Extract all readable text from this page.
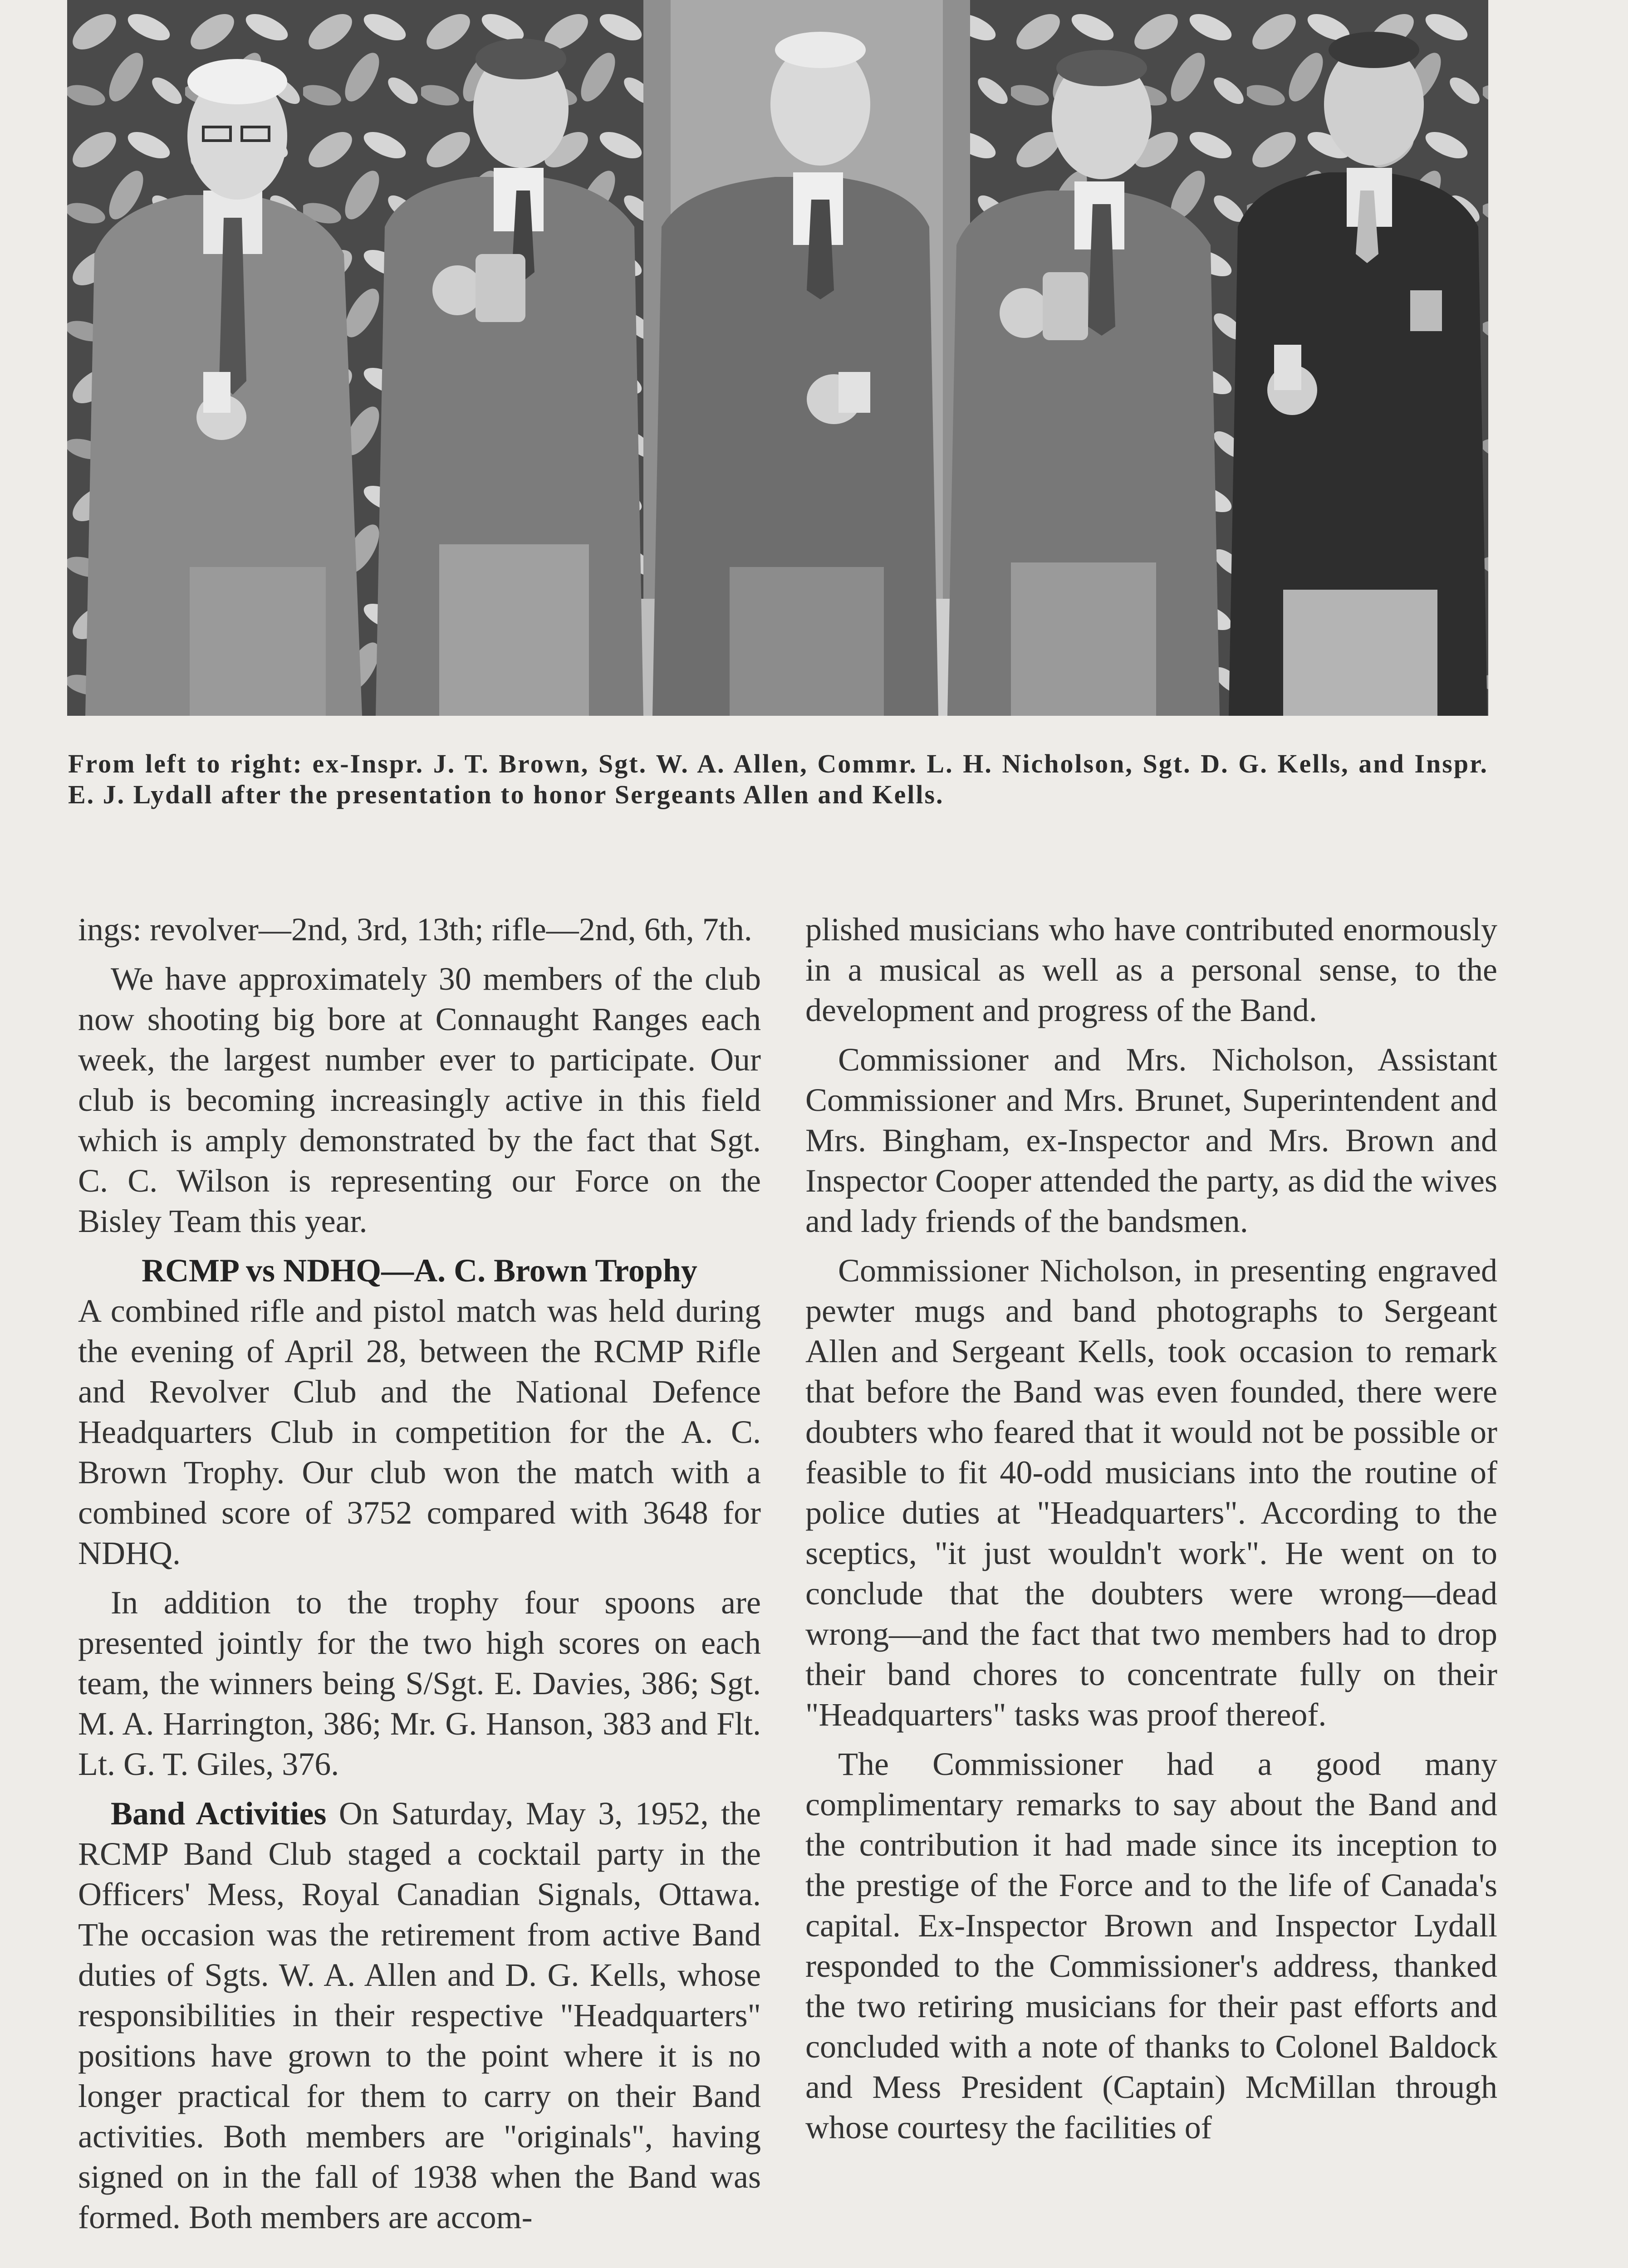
From left to right: ex-Inspr. J. T. Brown, Sgt. W. A. Allen, Commr. L. H. Nicholson, Sgt. D. G. Kells, and Inspr. E. J. Lydall after the presentation to honor Sergeants Allen and Kells.

ings: revolver—2nd, 3rd, 13th; rifle—2nd, 6th, 7th.

We have approximately 30 members of the club now shooting big bore at Connaught Ranges each week, the largest number ever to participate. Our club is becoming increasingly active in this field which is amply demonstrated by the fact that Sgt. C. C. Wilson is representing our Force on the Bisley Team this year.

RCMP vs NDHQ—A. C. Brown Trophy

A combined rifle and pistol match was held during the evening of April 28, between the RCMP Rifle and Revolver Club and the National Defence Headquarters Club in competition for the A. C. Brown Trophy. Our club won the match with a combined score of 3752 compared with 3648 for NDHQ.

In addition to the trophy four spoons are presented jointly for the two high scores on each team, the winners being S/Sgt. E. Davies, 386; Sgt. M. A. Harrington, 386; Mr. G. Hanson, 383 and Flt. Lt. G. T. Giles, 376.

Band Activities On Saturday, May 3, 1952, the RCMP Band Club staged a cocktail party in the Officers' Mess, Royal Canadian Signals, Ottawa. The occasion was the retirement from active Band duties of Sgts. W. A. Allen and D. G. Kells, whose responsibilities in their respective "Headquarters" positions have grown to the point where it is no longer practical for them to carry on their Band activities. Both members are "originals", having signed on in the fall of 1938 when the Band was formed. Both members are accom-

plished musicians who have contributed enormously in a musical as well as a personal sense, to the development and progress of the Band.

Commissioner and Mrs. Nicholson, Assistant Commissioner and Mrs. Brunet, Superintendent and Mrs. Bingham, ex-Inspector and Mrs. Brown and Inspector Cooper attended the party, as did the wives and lady friends of the bandsmen.

Commissioner Nicholson, in presenting engraved pewter mugs and band photographs to Sergeant Allen and Sergeant Kells, took occasion to remark that before the Band was even founded, there were doubters who feared that it would not be possible or feasible to fit 40-odd musicians into the routine of police duties at "Headquarters". According to the sceptics, "it just wouldn't work". He went on to conclude that the doubters were wrong—dead wrong—and the fact that two members had to drop their band chores to concentrate fully on their "Headquarters" tasks was proof thereof.

The Commissioner had a good many complimentary remarks to say about the Band and the contribution it had made since its inception to the prestige of the Force and to the life of Canada's capital. Ex-Inspector Brown and Inspector Lydall responded to the Commissioner's address, thanked the two retiring musicians for their past efforts and concluded with a note of thanks to Colonel Baldock and Mess President (Captain) McMillan through whose courtesy the facilities of
